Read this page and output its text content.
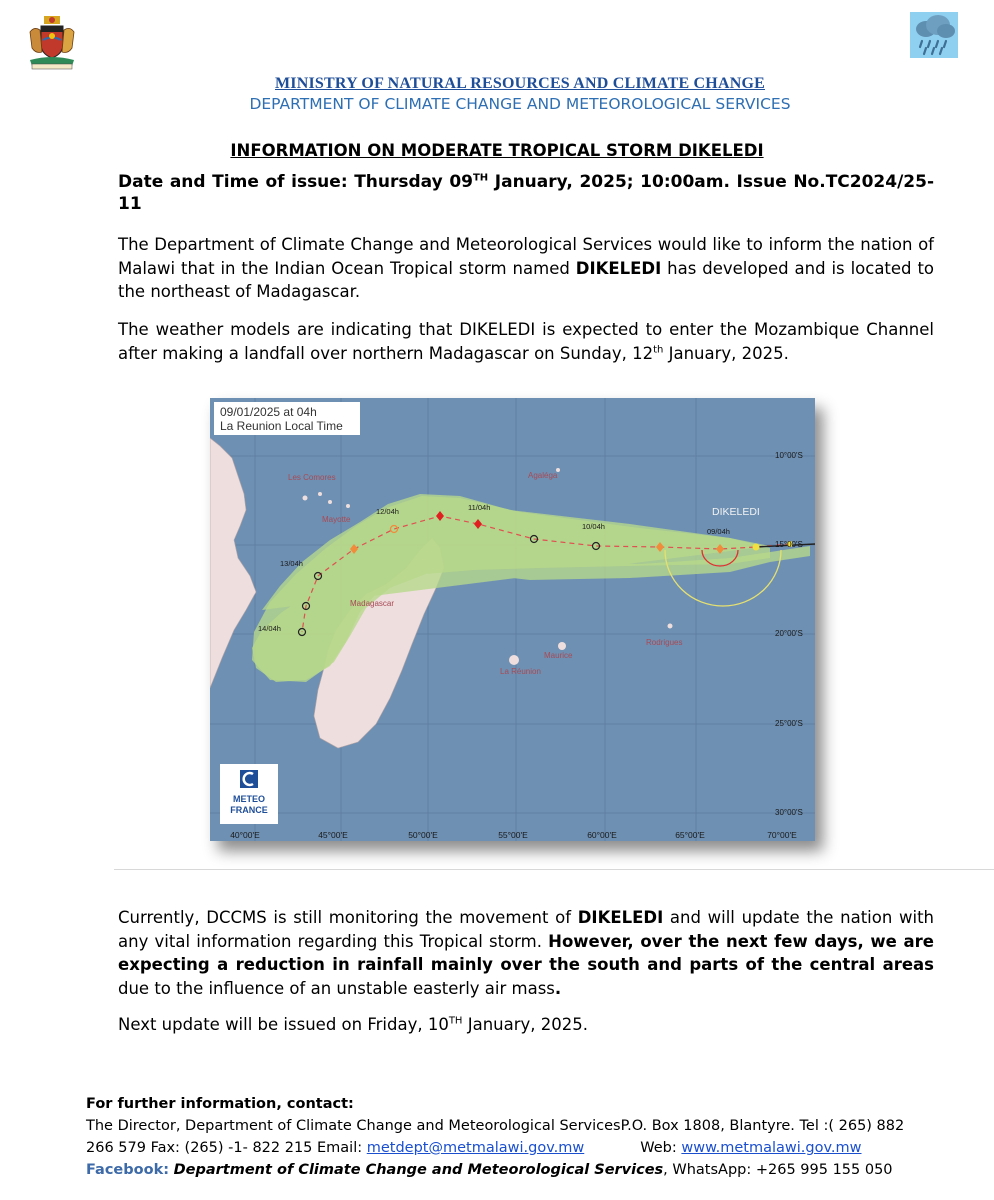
MINISTRY OF NATURAL RESOURCES AND CLIMATE CHANGE
DEPARTMENT OF CLIMATE CHANGE AND METEOROLOGICAL SERVICES
INFORMATION ON MODERATE TROPICAL STORM DIKELEDI
Date and Time of issue: Thursday 09TH January, 2025; 10:00am. Issue No.TC2024/25-11
The Department of Climate Change and Meteorological Services would like to inform the nation of Malawi that in the Indian Ocean Tropical storm named DIKELEDI has developed and is located to the northeast of Madagascar.
The weather models are indicating that DIKELEDI is expected to enter the Mozambique Channel after making a landfall over northern Madagascar on Sunday, 12th January, 2025.
09/01/2025 at 04h
La Reunion Local Time
Les Comores
Mayotte
Agaléga
Madagascar
Rodrigues
Maurice
La Réunion
DIKELEDI
09/04h
10/04h
11/04h
12/04h
13/04h
14/04h
10°00'S
15°00'S
20°00'S
25°00'S
30°00'S
40°00'E	45°00'E	50°00'E	55°00'E	60°00'E	65°00'E	70°00'E
METEO
FRANCE
Currently, DCCMS is still monitoring the movement of DIKELEDI and will update the nation with any vital information regarding this Tropical storm. However, over the next few days, we are expecting a reduction in rainfall mainly over the south and parts of the central areas due to the influence of an unstable easterly air mass.
Next update will be issued on Friday, 10TH January, 2025.
For further information, contact:
The Director, Department of Climate Change and Meteorological ServicesP.O. Box 1808, Blantyre. Tel :( 265) 882
266 579 Fax: (265) -1- 822 215 Email: metdept@metmalawi.gov.mw	Web: www.metmalawi.gov.mw
Facebook: Department of Climate Change and Meteorological Services, WhatsApp: +265 995 155 050
